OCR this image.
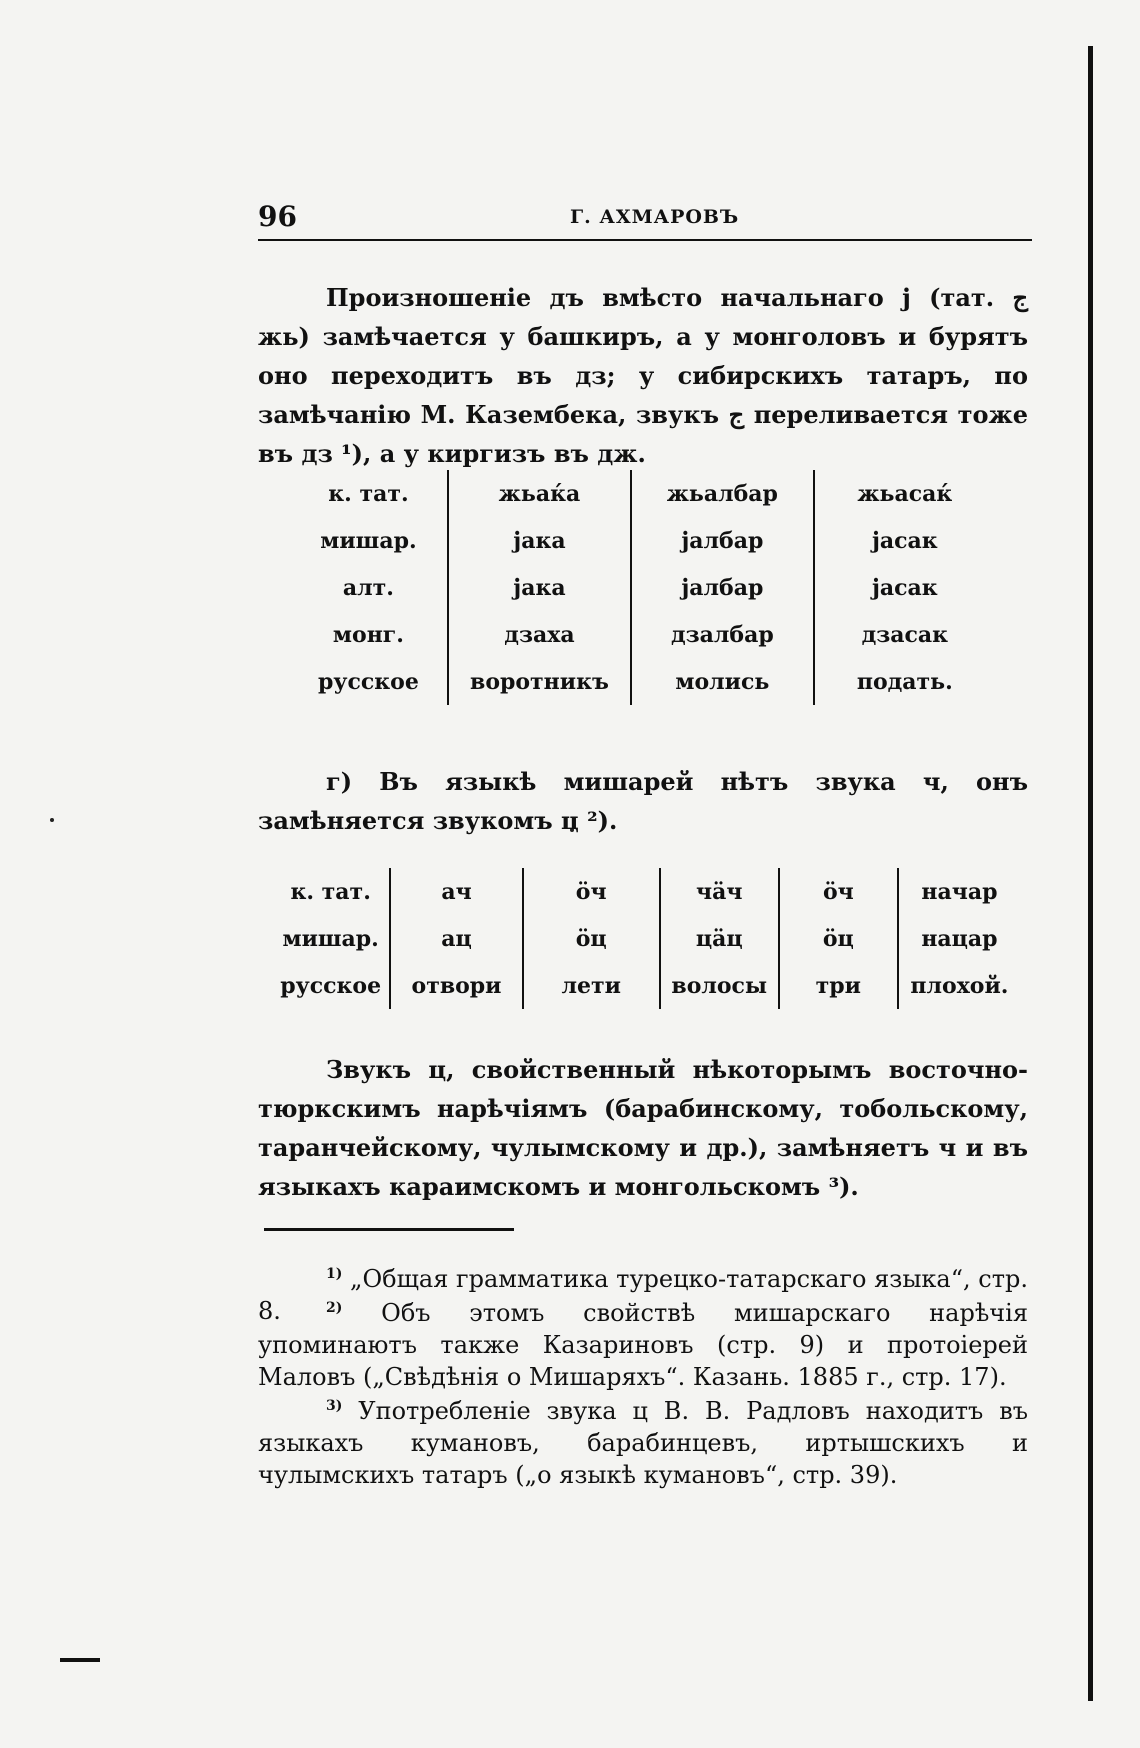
96	Г. АХМАРОВЪ

Произношеніе дъ вмѣсто начальнаго j (тат. ج жь) замѣчается у башкиръ, а у монголовъ и бурятъ оно переходитъ въ дз; у сибирскихъ татаръ, по замѣчанію М. Казембека, звукъ ج переливается тоже въ дз ¹), а у киргизъ въ дж.

к. тат.	жьаќа	жьалбар	жьасаќ
мишар.	јака	јалбар	јасак
алт.	јака	јалбар	јасак
монг.	дзаха	дзалбар	дзасак
русское	воротникъ	молись	подать.

г) Въ языкѣ мишарей нѣтъ звука ч, онъ замѣняется звукомъ ц ²).

к. тат.	ач	ӧч	чӓч	ӧч	начар
мишар.	ац	ӧц	цӓц	ӧц	нацар
русское	отвори	лети	волосы	три	плохой.

Звукъ ц, свойственный нѣкоторымъ восточно-тюркскимъ нарѣчіямъ (барабинскому, тобольскому, таранчейскому, чулымскому и др.), замѣняетъ ч и въ языкахъ караимскомъ и монгольскомъ ³).

$^{1)}$ „Общая грамматика турецко-татарскаго языка“, стр. 8.	$^{2)}$ Объ этомъ свойствѣ мишарскаго нарѣчія упоминаютъ также Казариновъ (стр. 9) и протоіерей Маловъ („Свѣдѣнія о Мишаряхъ“. Казань. 1885 г., стр. 17).
$^{3)}$ Употребленіе звука ц В. В. Радловъ находитъ въ языкахъ кумановъ, барабинцевъ, иртышскихъ и чулымскихъ татаръ („о языкѣ кумановъ“, стр. 39).
